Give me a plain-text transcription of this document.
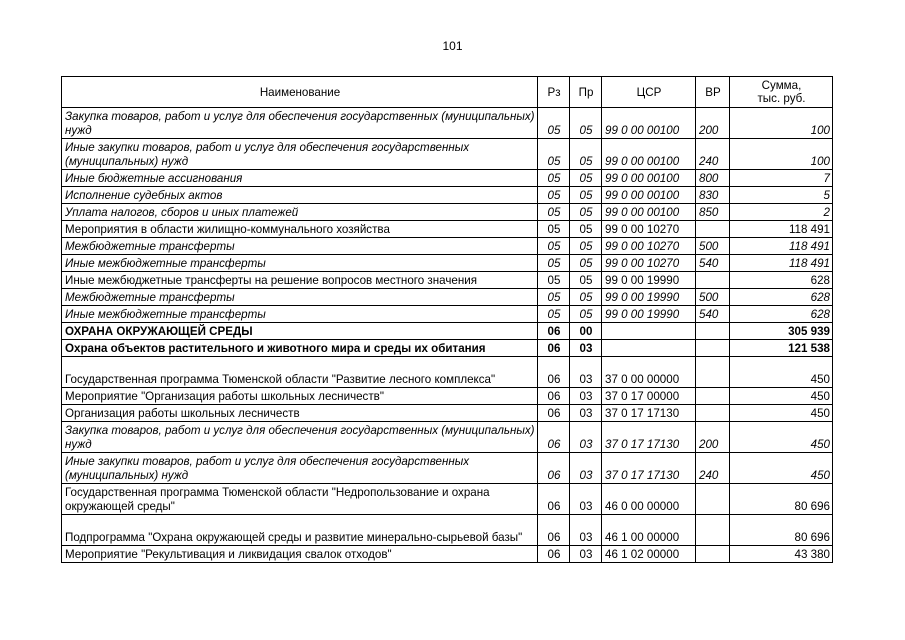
101
Наименование	Рз	Пр	ЦСР	ВР	Сумма,
тыс. руб.

Закупка товаров, работ и услуг для обеспечения государственных (муниципальных) нужд	05	05	99 0 00 00100	200	100
Иные закупки товаров, работ и услуг для обеспечения государственных (муниципальных) нужд	05	05	99 0 00 00100	240	100
Иные бюджетные ассигнования	05	05	99 0 00 00100	800	7
Исполнение судебных актов	05	05	99 0 00 00100	830	5
Уплата налогов, сборов и иных платежей	05	05	99 0 00 00100	850	2
Мероприятия в области жилищно-коммунального хозяйства	05	05	99 0 00 10270		118 491
Межбюджетные трансферты	05	05	99 0 00 10270	500	118 491
Иные межбюджетные трансферты	05	05	99 0 00 10270	540	118 491
Иные межбюджетные трансферты на решение вопросов местного значения	05	05	99 0 00 19990		628
Межбюджетные трансферты	05	05	99 0 00 19990	500	628
Иные межбюджетные трансферты	05	05	99 0 00 19990	540	628
ОХРАНА ОКРУЖАЮЩЕЙ СРЕДЫ	06	00			305 939
Охрана объектов растительного и животного мира и среды их обитания	06	03			121 538
Государственная программа Тюменской области "Развитие лесного комплекса"	06	03	37 0 00 00000		450
Мероприятие "Организация работы школьных лесничеств"	06	03	37 0 17 00000		450
Организация работы школьных лесничеств	06	03	37 0 17 17130		450
Закупка товаров, работ и услуг для обеспечения государственных (муниципальных) нужд	06	03	37 0 17 17130	200	450
Иные закупки товаров, работ и услуг для обеспечения государственных (муниципальных) нужд	06	03	37 0 17 17130	240	450
Государственная программа Тюменской области "Недропользование и охрана окружающей среды"	06	03	46 0 00 00000		80 696
Подпрограмма "Охрана окружающей среды и развитие минерально-сырьевой базы"	06	03	46 1 00 00000		80 696
Мероприятие "Рекультивация и ликвидация свалок отходов"	06	03	46 1 02 00000		43 380
